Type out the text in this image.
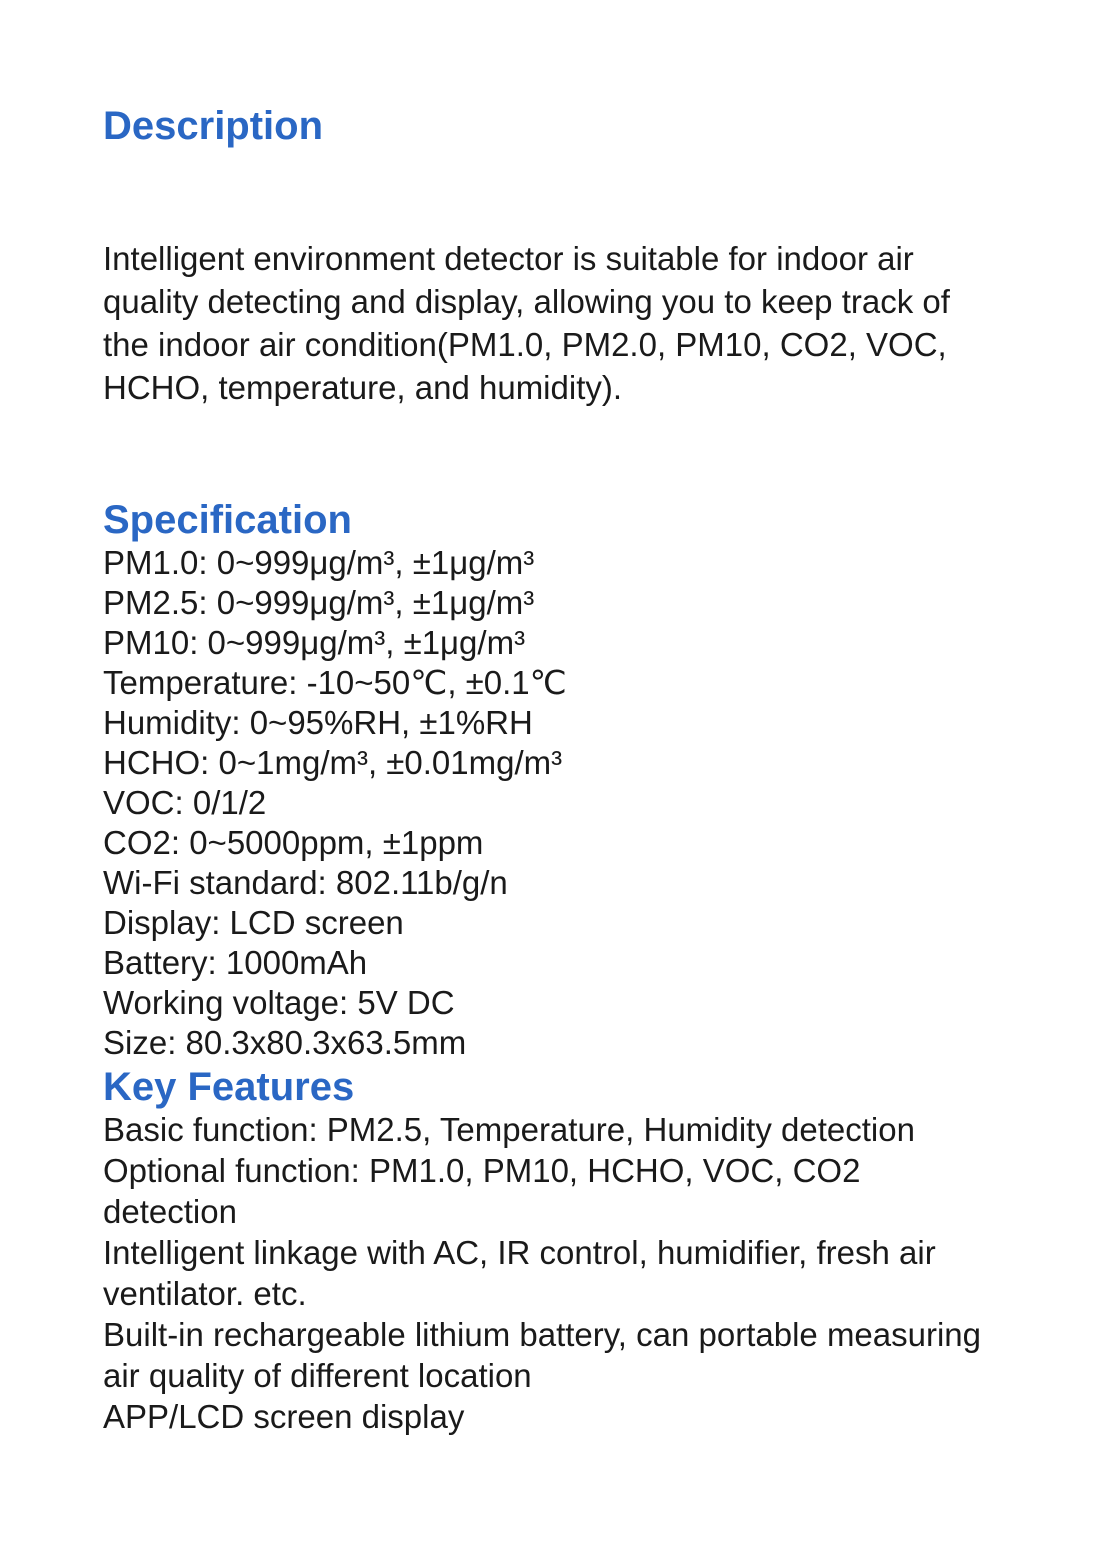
Description

Intelligent environment detector is suitable for indoor air quality detecting and display, allowing you to keep track of the indoor air condition(PM1.0, PM2.0, PM10, CO2, VOC, HCHO, temperature, and humidity).

Specification
PM1.0: 0~999μg/m³, ±1μg/m³
PM2.5: 0~999μg/m³, ±1μg/m³
PM10: 0~999μg/m³, ±1μg/m³
Temperature: -10~50℃, ±0.1℃
Humidity: 0~95%RH, ±1%RH
HCHO: 0~1mg/m³, ±0.01mg/m³
VOC: 0/1/2
CO2: 0~5000ppm, ±1ppm
Wi-Fi standard: 802.11b/g/n
Display: LCD screen
Battery: 1000mAh
Working voltage: 5V DC
Size: 80.3x80.3x63.5mm
Key Features
Basic function: PM2.5, Temperature, Humidity detection
Optional function: PM1.0, PM10, HCHO, VOC, CO2 detection
Intelligent linkage with AC, IR control, humidifier, fresh air ventilator. etc.
Built-in rechargeable lithium battery, can portable measuring air quality of different location
APP/LCD screen display
